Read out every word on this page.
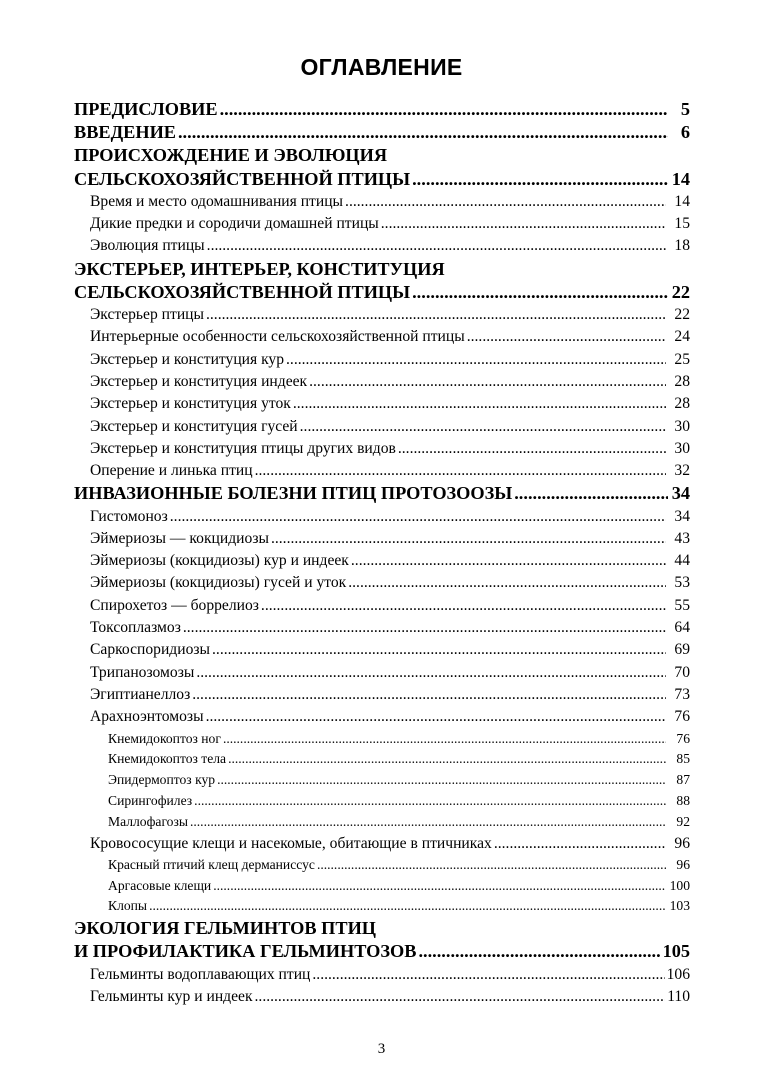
ОГЛАВЛЕНИЕ
ПРЕДИСЛОВИЕ .....	5
ВВЕДЕНИЕ .....	6
ПРОИСХОЖДЕНИЕ И ЭВОЛЮЦИЯ
СЕЛЬСКОХОЗЯЙСТВЕННОЙ ПТИЦЫ .....	14
Время и место одомашнивания птицы .....	14
Дикие предки и сородичи домашней птицы .....	15
Эволюция птицы .....	18
ЭКСТЕРЬЕР, ИНТЕРЬЕР, КОНСТИТУЦИЯ
СЕЛЬСКОХОЗЯЙСТВЕННОЙ ПТИЦЫ .....	22
Экстерьер птицы .....	22
Интерьерные особенности сельскохозяйственной птицы .....	24
Экстерьер и конституция кур .....	25
Экстерьер и конституция индеек .....	28
Экстерьер и конституция уток .....	28
Экстерьер и конституция гусей .....	30
Экстерьер и конституция птицы других видов .....	30
Оперение и линька птиц .....	32
ИНВАЗИОННЫЕ БОЛЕЗНИ ПТИЦ ПРОТОЗООЗЫ .....	34
Гистомоноз .....	34
Эймериозы — кокцидиозы .....	43
Эймериозы (кокцидиозы) кур и индеек .....	44
Эймериозы (кокцидиозы) гусей и уток .....	53
Спирохетоз — боррелиоз .....	55
Токсоплазмоз .....	64
Саркоспоридиозы .....	69
Трипанозомозы .....	70
Эгиптианеллоз .....	73
Арахноэнтомозы .....	76
Кнемидокоптоз ног .....	76
Кнемидокоптоз тела .....	85
Эпидермоптоз кур .....	87
Сирингофилез .....	88
Маллофагозы .....	92
Кровососущие клещи и насекомые, обитающие в птичниках .....	96
Красный птичий клещ дерманиссус .....	96
Аргасовые клещи .....	100
Клопы .....	103
ЭКОЛОГИЯ ГЕЛЬМИНТОВ ПТИЦ
И ПРОФИЛАКТИКА ГЕЛЬМИНТОЗОВ .....	105
Гельминты водоплавающих птиц .....	106
Гельминты кур и индеек .....	110
3
